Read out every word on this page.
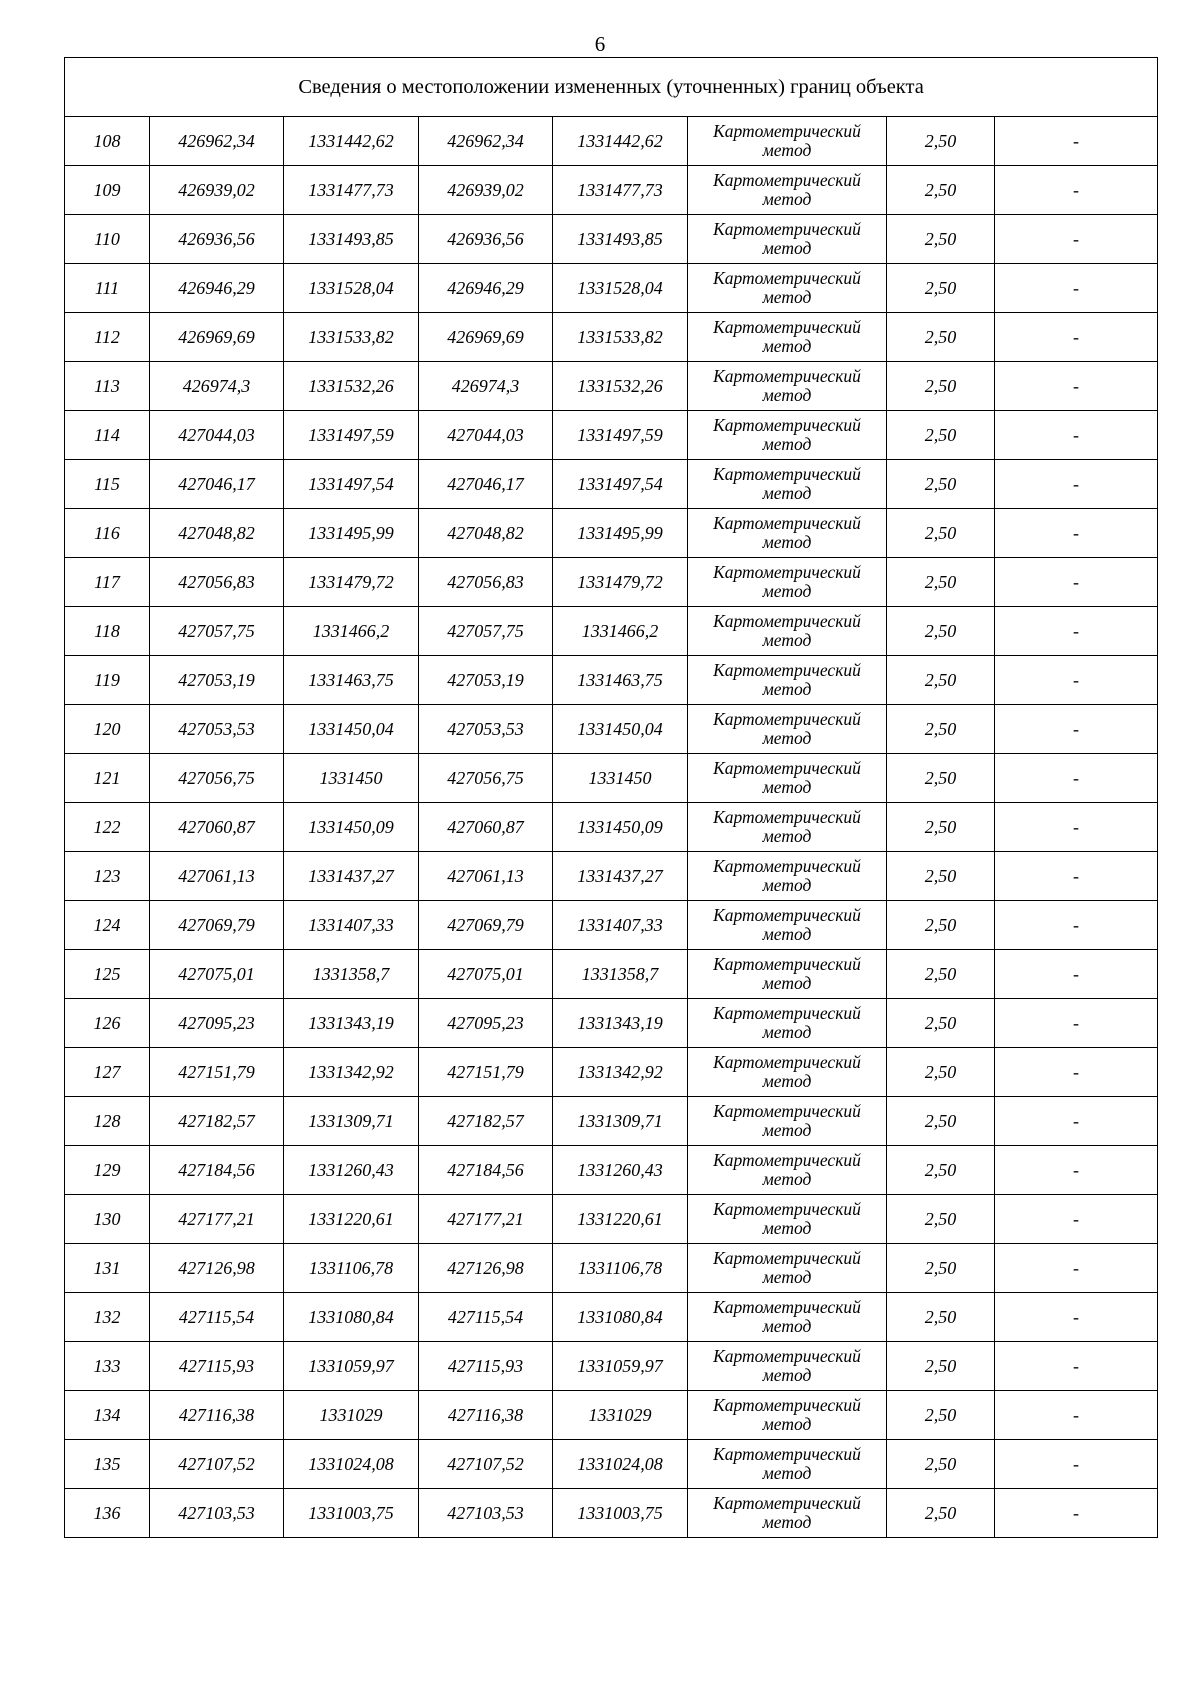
6
Сведения о местоположении измененных (уточненных) границ объекта							
108	426962,34	1331442,62	426962,34	1331442,62	Картометрический
метод	2,50	-
109	426939,02	1331477,73	426939,02	1331477,73	Картометрический
метод	2,50	-
110	426936,56	1331493,85	426936,56	1331493,85	Картометрический
метод	2,50	-
111	426946,29	1331528,04	426946,29	1331528,04	Картометрический
метод	2,50	-
112	426969,69	1331533,82	426969,69	1331533,82	Картометрический
метод	2,50	-
113	426974,3	1331532,26	426974,3	1331532,26	Картометрический
метод	2,50	-
114	427044,03	1331497,59	427044,03	1331497,59	Картометрический
метод	2,50	-
115	427046,17	1331497,54	427046,17	1331497,54	Картометрический
метод	2,50	-
116	427048,82	1331495,99	427048,82	1331495,99	Картометрический
метод	2,50	-
117	427056,83	1331479,72	427056,83	1331479,72	Картометрический
метод	2,50	-
118	427057,75	1331466,2	427057,75	1331466,2	Картометрический
метод	2,50	-
119	427053,19	1331463,75	427053,19	1331463,75	Картометрический
метод	2,50	-
120	427053,53	1331450,04	427053,53	1331450,04	Картометрический
метод	2,50	-
121	427056,75	1331450	427056,75	1331450	Картометрический
метод	2,50	-
122	427060,87	1331450,09	427060,87	1331450,09	Картометрический
метод	2,50	-
123	427061,13	1331437,27	427061,13	1331437,27	Картометрический
метод	2,50	-
124	427069,79	1331407,33	427069,79	1331407,33	Картометрический
метод	2,50	-
125	427075,01	1331358,7	427075,01	1331358,7	Картометрический
метод	2,50	-
126	427095,23	1331343,19	427095,23	1331343,19	Картометрический
метод	2,50	-
127	427151,79	1331342,92	427151,79	1331342,92	Картометрический
метод	2,50	-
128	427182,57	1331309,71	427182,57	1331309,71	Картометрический
метод	2,50	-
129	427184,56	1331260,43	427184,56	1331260,43	Картометрический
метод	2,50	-
130	427177,21	1331220,61	427177,21	1331220,61	Картометрический
метод	2,50	-
131	427126,98	1331106,78	427126,98	1331106,78	Картометрический
метод	2,50	-
132	427115,54	1331080,84	427115,54	1331080,84	Картометрический
метод	2,50	-
133	427115,93	1331059,97	427115,93	1331059,97	Картометрический
метод	2,50	-
134	427116,38	1331029	427116,38	1331029	Картометрический
метод	2,50	-
135	427107,52	1331024,08	427107,52	1331024,08	Картометрический
метод	2,50	-
136	427103,53	1331003,75	427103,53	1331003,75	Картометрический
метод	2,50	-
